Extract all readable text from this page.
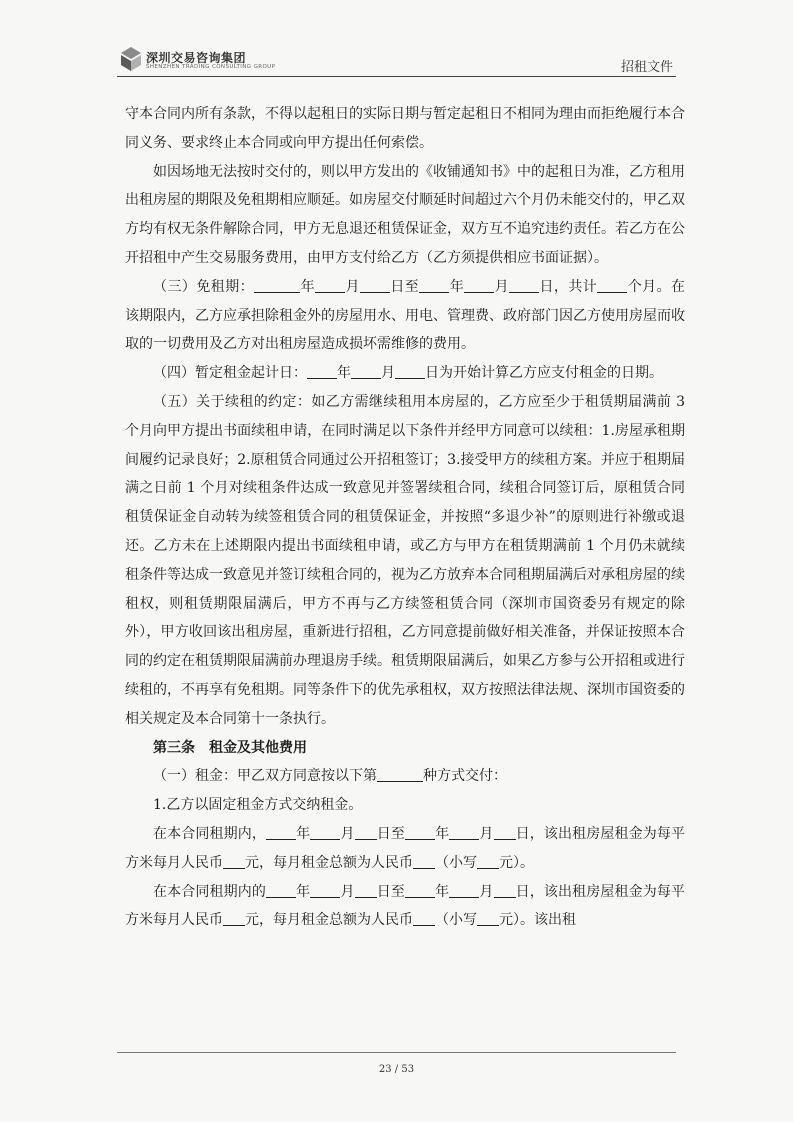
深圳交易咨询集团
SHENZHEN TRADING CONSULTING GROUP	招租文件

守本合同内所有条款，不得以起租日的实际日期与暂定起租日不相同为理由而拒绝履行本合同义务、要求终止本合同或向甲方提出任何索偿。

如因场地无法按时交付的，则以甲方发出的《收铺通知书》中的起租日为准，乙方租用出租房屋的期限及免租期相应顺延。如房屋交付顺延时间超过六个月仍未能交付的，甲乙双方均有权无条件解除合同，甲方无息退还租赁保证金，双方互不追究违约责任。若乙方在公开招租中产生交易服务费用，由甲方支付给乙方（乙方须提供相应书面证据）。

（三）免租期：	年 月 日至 年 月 日，共计 个月。在该期限内，乙方应承担除租金外的房屋用水、用电、管理费、政府部门因乙方使用房屋而收取的一切费用及乙方对出租房屋造成损坏需维修的费用。

（四）暂定租金起计日： 年 月 日为开始计算乙方应支付租金的日期。

（五）关于续租的约定：如乙方需继续租用本房屋的，乙方应至少于租赁期届满前 3 个月向甲方提出书面续租申请，在同时满足以下条件并经甲方同意可以续租：1.房屋承租期间履约记录良好；2.原租赁合同通过公开招租签订；3.接受甲方的续租方案。并应于租期届满之日前 1 个月对续租条件达成一致意见并签署续租合同，续租合同签订后，原租赁合同租赁保证金自动转为续签租赁合同的租赁保证金，并按照“多退少补”的原则进行补缴或退还。乙方未在上述期限内提出书面续租申请，或乙方与甲方在租赁期满前 1 个月仍未就续租条件等达成一致意见并签订续租合同的，视为乙方放弃本合同租期届满后对承租房屋的续租权，则租赁期限届满后，甲方不再与乙方续签租赁合同（深圳市国资委另有规定的除外），甲方收回该出租房屋，重新进行招租，乙方同意提前做好相关准备，并保证按照本合同的约定在租赁期限届满前办理退房手续。租赁期限届满后，如果乙方参与公开招租或进行续租的，不再享有免租期。同等条件下的优先承租权，双方按照法律法规、深圳市国资委的相关规定及本合同第十一条执行。

第三条　租金及其他费用

（一）租金：甲乙双方同意按以下第	种方式交付：

1.乙方以固定租金方式交纳租金。

在本合同租期内， 年 月 日至 年 月 日，该出租房屋租金为每平方米每月人民币 元，每月租金总额为人民币 （小写 元）。

在本合同租期内的 年 月 日至 年 月 日，该出租房屋租金为每平方米每月人民币 元，每月租金总额为人民币 （小写 元）。该出租

23 / 53
